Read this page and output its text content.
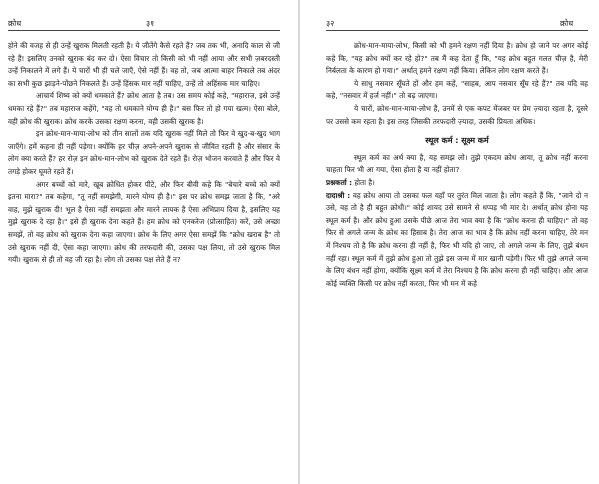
क्रोध	३१

होने की वजह से ही उन्हें खुराक मिलती रहती है। ये जीतेंगे कैसे रहते हैं? जब तक भी, अनादि काल से जी रहे हैं! इसलिए उनको खुराक बंद कर दो। ऐसा विचार तो किसी को भी नहीं आया और सभी ज़बरदस्ती उन्हें निकालने में लगे हैं। ये चारों भी ही चले जाएँ, ऐसे नहीं हैं। वह तो, जब आत्मा बाहर निकाले तब अंदर का सभी कुछ झाड़ने-पोंछने निकलते हैं। उन्हें हिंसक मार नहीं चाहिए, उन्हें तो अहिंसक मार चाहिए।

आचार्य शिष्य को क्यों धमकाते हैं? क्रोध आता है तब। उस समय कोई कहे, "महाराज, इसे उन्हें धमका रहे हैं?" तब महाराज कहेंगे, "वह तो धमकाने योग्य ही है।" बस फिर तो हो गया खत्म। ऐसा बोले, वही क्रोध की खुराक। क्रोध करके उसका रक्षण करना, वही उसकी खुराक है।

इन क्रोध-मान-माया-लोभ को तीन सालों तक यदि खुराक नहीं मिले तो फिर वे खुद-ब-खुद भाग जाएँगे। हमें कहना ही नहीं पड़ेगा। क्योंकि हर चीज़ अपने-अपने खुराक से जीवित रहती है और संसार के लोग क्या करते हैं? हर रोज़ इन क्रोध-मान-लोभ को खुराक देते रहते हैं। रोज़ भोजन करवाते हैं और फिर वे तगड़े होकर घूमते रहते हैं।

अगर बच्चों को मारे, खूब क्रोधित होकर पीटे, और फिर बीवी कहे कि "बेचारे बच्चे को क्यों इतना मारा?" तब कहेगा, "तू नहीं समझेगी, मारने योग्य ही है।" इस पर क्रोध समझ जाता है कि, "अरे वाह, मुझे खुराक दी! भूल है ऐसा नहीं समझता और मारने लायक है ऐसा अभिप्राय दिया है, इसलिए यह मुझे खुराक दे रहा है।" इसे ही खुराक देना कहते हैं। हम क्रोध को एनकरेज (प्रोत्साहित) करें, उसे अच्छा समझें, तो वह क्रोध को खुराक देना कहा जाएगा। क्रोध के लिए अगर ऐसा समझें कि "क्रोध खराब है" तो उसे खुराक नहीं दी, ऐसा कहा जाएगा। क्रोध की तरफदारी की, उसका पक्ष लिया, तो उसे खुराक मिल गयी। खुराक से ही तो वह जी रहा है। लोग तो उसका पक्ष लेते हैं न?

३२	क्रोध

क्रोध-मान-माया-लोभ, किसी को भी हमने रक्षण नहीं दिया है। क्रोध हो जाने पर अगर कोई कहे कि, "यह क्रोध क्यों कर रहे हो?" तब मैं कह देता हूँ कि, "यह क्रोध बहुत गलत चीज़ है, मेरी निर्बलता के कारण हो गया।" अर्थात् हमने रक्षण नहीं किया। लेकिन लोग रक्षण करते हैं।

ये साधु नसवार सूँघते हों और हम कहें, "साहब, आप नसवार सूँघ रहे हैं?" तब यदि वह कहे, "नसवार में हर्ज नहीं।" तो बढ़ जाएगा।

ये चारों, क्रोध-मान-माया-लोभ हैं, उनमें से एक कपट मेंजबर पर प्रेम ज़्यादा रहता है, दूसरे पर उससे कम रहता है। इस तरह जिसकी तरफदारी ज़्यादा, उसकी प्रियता अधिक।

स्थूल कर्म : सूक्ष्म कर्म

स्थूल कर्म का अर्थ क्या है, यह समझ लो। तुझे एकदम क्रोध आया, तू क्रोध नहीं करना चाहता फिर भी आ गया, ऐसा होता है या नहीं होता?

प्रश्नकर्ता : होता है।

दादाश्री : वह क्रोध आया तो उसका फल यहाँ पर तुरंत मिल जाता है। लोग कहते हैं कि, "जाने दो न उसे, वह तो है ही बहुत क्रोधी।" कोई शायद उसे सामने से धप्पड़ भी मार दे। अर्थात् क्रोध होना यह स्थूल कर्म है। और क्रोध हुआ उसके पीछे आज तेरा भाव क्या है कि "क्रोध करना ही चाहिए।" तो वह फिर से अगले जन्म के क्रोध का हिसाब है। तेरा आज का भाव है कि क्रोध नहीं करना चाहिए, तेरे मन में निश्चय तो है कि क्रोध करना ही नहीं है, फिर भी यदि हो जाए, तो अगले जन्म के लिए, तुझे बंधन नहीं रहा। स्थूल कर्म में तुझे क्रोध हुआ तो तुझे इस जन्म में मार खानी पड़ेगी। फिर भी तुझे अगले जन्म के लिए बंधन नहीं होगा, क्योंकि सूक्ष्म कर्म में तेरा निश्चय है कि क्रोध करना ही नहीं चाहिए। और आज कोई व्यक्ति किसी पर क्रोध नहीं करता, फिर भी मन में कहे
